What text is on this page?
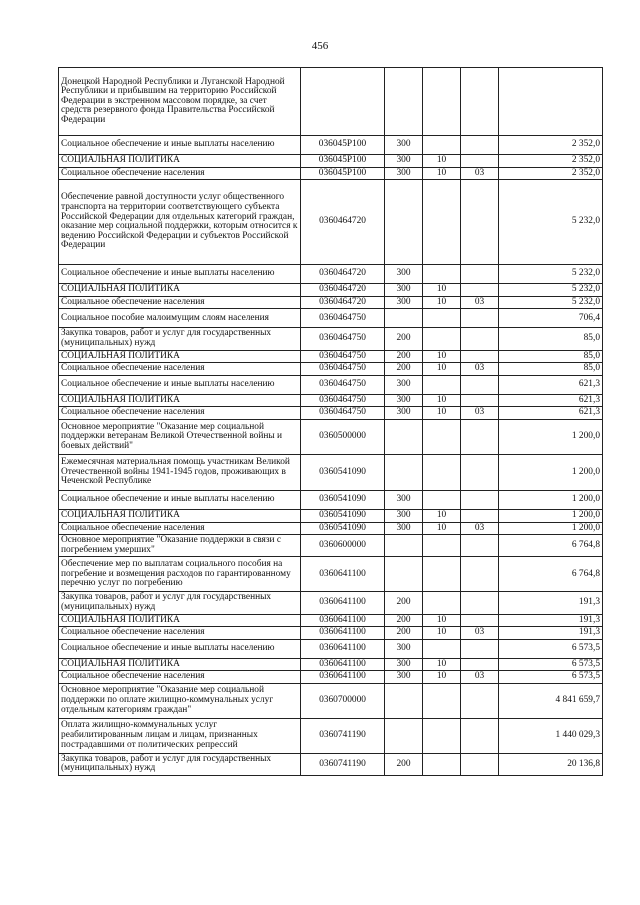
456
Донецкой Народной Республики и Луганской Народной Республики и прибывшим на территорию Российской Федерации в экстренном массовом порядке, за счет средств резервного фонда Правительства Российской Федерации					
Социальное обеспечение и иные выплаты населению	036045Р100	300			2 352,0
СОЦИАЛЬНАЯ ПОЛИТИКА	036045Р100	300	10		2 352,0
Социальное обеспечение населения	036045Р100	300	10	03	2 352,0
Обеспечение равной доступности услуг общественного транспорта на территории соответствующего субъекта Российской Федерации для отдельных категорий граждан, оказание мер социальной поддержки, которым относится к ведению Российской Федерации и субъектов Российской Федерации	0360464720				5 232,0
Социальное обеспечение и иные выплаты населению	0360464720	300			5 232,0
СОЦИАЛЬНАЯ ПОЛИТИКА	0360464720	300	10		5 232,0
Социальное обеспечение населения	0360464720	300	10	03	5 232,0
Социальное пособие малоимущим слоям населения	0360464750				706,4
Закупка товаров, работ и услуг для государственных (муниципальных) нужд	0360464750	200			85,0
СОЦИАЛЬНАЯ ПОЛИТИКА	0360464750	200	10		85,0
Социальное обеспечение населения	0360464750	200	10	03	85,0
Социальное обеспечение и иные выплаты населению	0360464750	300			621,3
СОЦИАЛЬНАЯ ПОЛИТИКА	0360464750	300	10		621,3
Социальное обеспечение населения	0360464750	300	10	03	621,3
Основное мероприятие "Оказание мер социальной поддержки ветеранам Великой Отечественной войны и боевых действий"	0360500000				1 200,0
Ежемесячная материальная помощь участникам Великой Отечественной войны 1941-1945 годов, проживающих в Чеченской Республике	0360541090				1 200,0
Социальное обеспечение и иные выплаты населению	0360541090	300			1 200,0
СОЦИАЛЬНАЯ ПОЛИТИКА	0360541090	300	10		1 200,0
Социальное обеспечение населения	0360541090	300	10	03	1 200,0
Основное мероприятие "Оказание поддержки в связи с погребением умерших"	0360600000				6 764,8
Обеспечение мер по выплатам социального пособия на погребение и возмещения расходов по гарантированному перечню услуг по погребению	0360641100				6 764,8
Закупка товаров, работ и услуг для государственных (муниципальных) нужд	0360641100	200			191,3
СОЦИАЛЬНАЯ ПОЛИТИКА	0360641100	200	10		191,3
Социальное обеспечение населения	0360641100	200	10	03	191,3
Социальное обеспечение и иные выплаты населению	0360641100	300			6 573,5
СОЦИАЛЬНАЯ ПОЛИТИКА	0360641100	300	10		6 573,5
Социальное обеспечение населения	0360641100	300	10	03	6 573,5
Основное мероприятие "Оказание мер социальной поддержки по оплате жилищно-коммунальных услуг отдельным категориям граждан"	0360700000				4 841 659,7
Оплата жилищно-коммунальных услуг реабилитированным лицам и лицам, признанных пострадавшими от политических репрессий	0360741190				1 440 029,3
Закупка товаров, работ и услуг для государственных (муниципальных) нужд	0360741190	200			20 136,8
